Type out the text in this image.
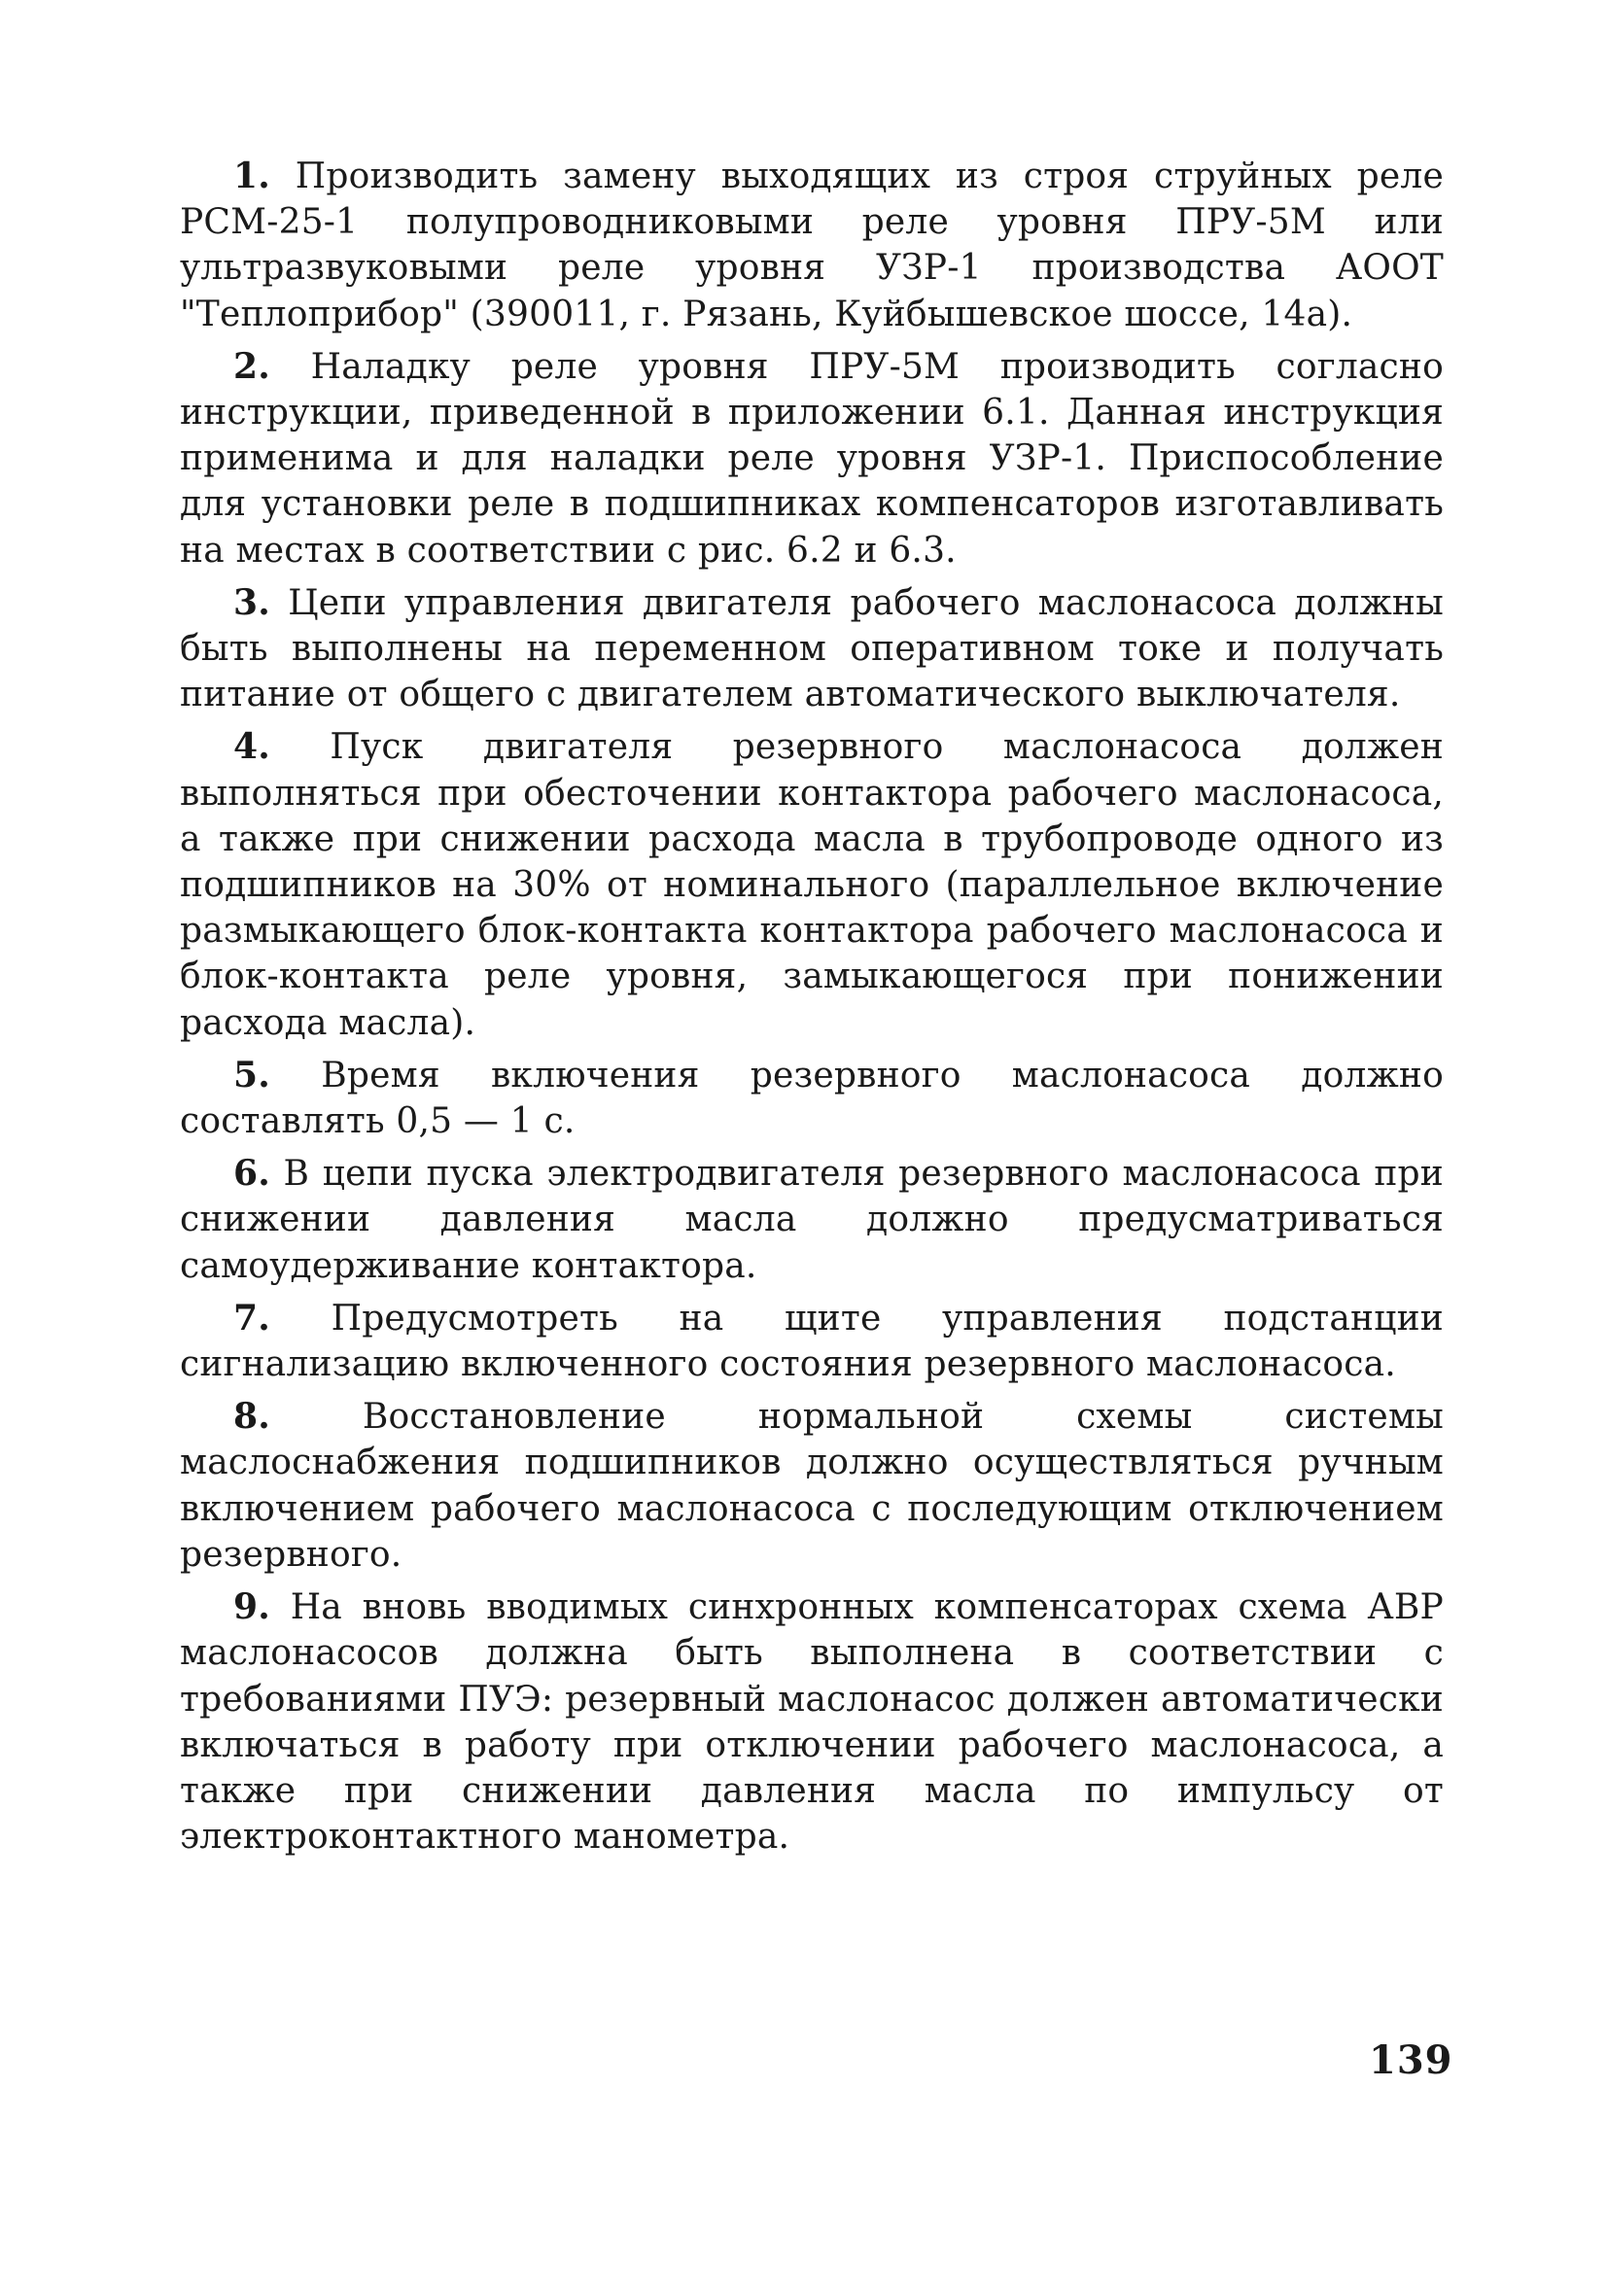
1. Производить замену выходящих из строя струйных реле РСМ-25-1 полупроводниковыми реле уровня ПРУ-5М или ультразвуковыми реле уровня УЗР-1 производства АООТ "Теплоприбор" (390011, г. Рязань, Куйбышевское шоссе, 14а).

2. Наладку реле уровня ПРУ-5М производить согласно инструкции, приведенной в приложении 6.1. Данная инструкция применима и для наладки реле уровня УЗР-1. Приспособление для установки реле в подшипниках компенсаторов изготавливать на местах в соответствии с рис. 6.2 и 6.3.

3. Цепи управления двигателя рабочего маслонасоса должны быть выполнены на переменном оперативном токе и получать питание от общего с двигателем автоматического выключателя.

4. Пуск двигателя резервного маслонасоса должен выполняться при обесточении контактора рабочего маслонасоса, а также при снижении расхода масла в трубопроводе одного из подшипников на 30% от номинального (параллельное включение размыкающего блок-контакта контактора рабочего маслонасоса и блок-контакта реле уровня, замыкающегося при понижении расхода масла).

5. Время включения резервного маслонасоса должно составлять 0,5 — 1 с.

6. В цепи пуска электродвигателя резервного маслонасоса при снижении давления масла должно предусматриваться самоудерживание контактора.

7. Предусмотреть на щите управления подстанции сигнализацию включенного состояния резервного маслонасоса.

8.	Восстановление нормальной схемы системы маслоснабжения подшипников должно осуществляться ручным включением рабочего маслонасоса с последующим отключением резервного.

9. На вновь вводимых синхронных компенсаторах схема АВР маслонасосов должна быть выполнена в соответствии с требованиями ПУЭ: резервный маслонасос должен автоматически включаться в работу при отключении рабочего маслонасоса, а также при снижении давления масла по импульсу от электроконтактного манометра.

139
